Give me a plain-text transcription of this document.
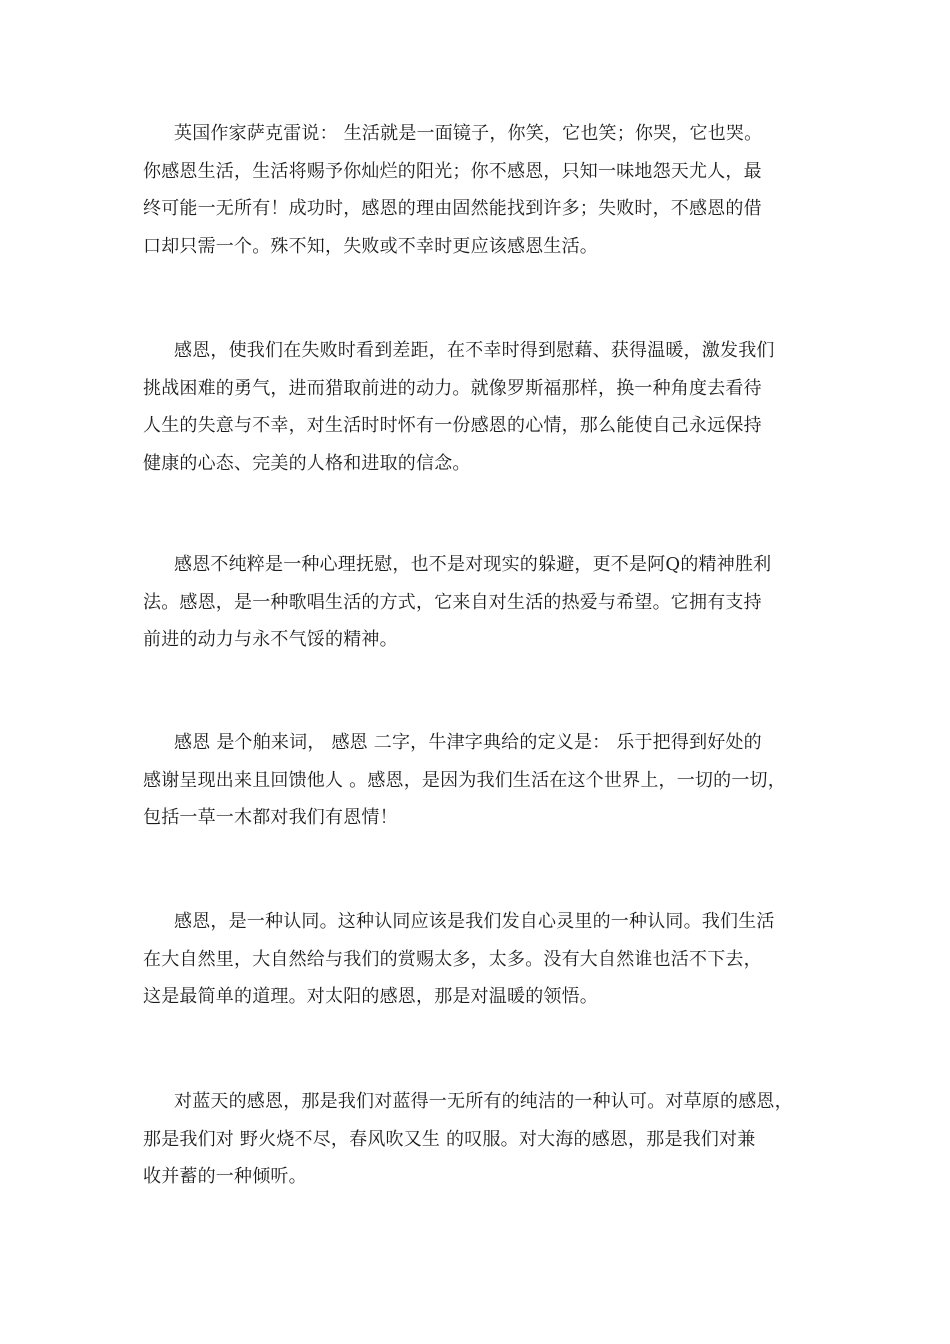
英国作家萨克雷说： 生活就是一面镜子，你笑，它也笑；你哭，它也哭。
你感恩生活，生活将赐予你灿烂的阳光；你不感恩，只知一味地怨天尤人，最
终可能一无所有！成功时，感恩的理由固然能找到许多；失败时，不感恩的借
口却只需一个。殊不知，失败或不幸时更应该感恩生活。

感恩，使我们在失败时看到差距，在不幸时得到慰藉、获得温暖，激发我们
挑战困难的勇气，进而猎取前进的动力。就像罗斯福那样，换一种角度去看待
人生的失意与不幸，对生活时时怀有一份感恩的心情，那么能使自己永远保持
健康的心态、完美的人格和进取的信念。

感恩不纯粹是一种心理抚慰，也不是对现实的躲避，更不是阿Q的精神胜利
法。感恩，是一种歌唱生活的方式，它来自对生活的热爱与希望。它拥有支持
前进的动力与永不气馁的精神。

感恩 是个舶来词， 感恩 二字，牛津字典给的定义是： 乐于把得到好处的
感谢呈现出来且回馈他人 。感恩，是因为我们生活在这个世界上，一切的一切，
包括一草一木都对我们有恩情！

感恩，是一种认同。这种认同应该是我们发自心灵里的一种认同。我们生活
在大自然里，大自然给与我们的赏赐太多，太多。没有大自然谁也活不下去，
这是最简单的道理。对太阳的感恩，那是对温暖的领悟。

对蓝天的感恩，那是我们对蓝得一无所有的纯洁的一种认可。对草原的感恩，
那是我们对 野火烧不尽，春风吹又生 的叹服。对大海的感恩，那是我们对兼
收并蓄的一种倾听。
